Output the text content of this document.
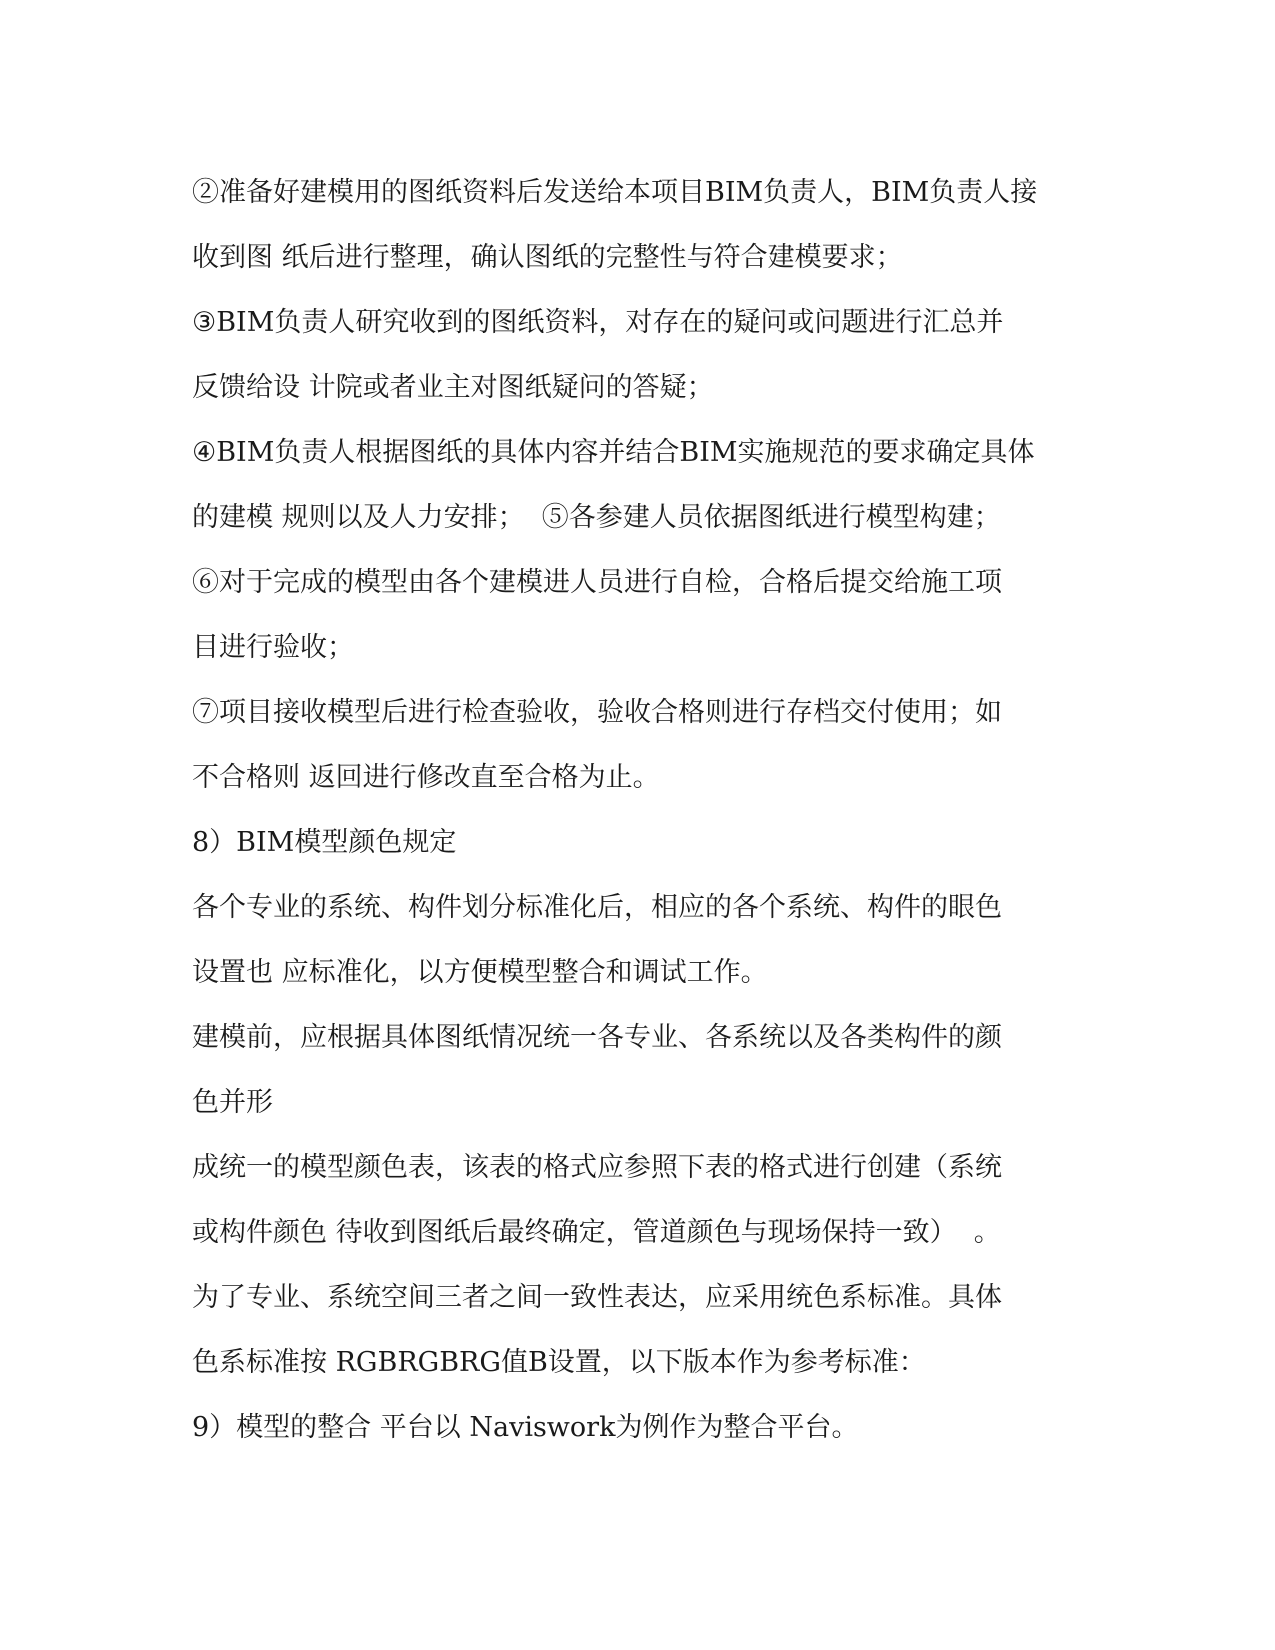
②准备好建模用的图纸资料后发送给本项目BIM负责人，BIM负责人接
收到图 纸后进行整理，确认图纸的完整性与符合建模要求；
③BIM负责人研究收到的图纸资料，对存在的疑问或问题进行汇总并
反馈给设 计院或者业主对图纸疑问的答疑；
④BIM负责人根据图纸的具体内容并结合BIM实施规范的要求确定具体
的建模 规则以及人力安排；  ⑤各参建人员依据图纸进行模型构建；
⑥对于完成的模型由各个建模进人员进行自检，合格后提交给施工项
目进行验收；
⑦项目接收模型后进行检查验收，验收合格则进行存档交付使用；如
不合格则 返回进行修改直至合格为止。
8）BIM模型颜色规定
各个专业的系统、构件划分标准化后，相应的各个系统、构件的眼色
设置也 应标准化，以方便模型整合和调试工作。
建模前，应根据具体图纸情况统一各专业、各系统以及各类构件的颜
色并形
成统一的模型颜色表，该表的格式应参照下表的格式进行创建（系统
或构件颜色 待收到图纸后最终确定，管道颜色与现场保持一致）  。
为了专业、系统空间三者之间一致性表达，应采用统色系标准。具体
色系标准按 RGBRGBRG值B设置，以下版本作为参考标准：
9）模型的整合 平台以 Naviswork为例作为整合平台。
